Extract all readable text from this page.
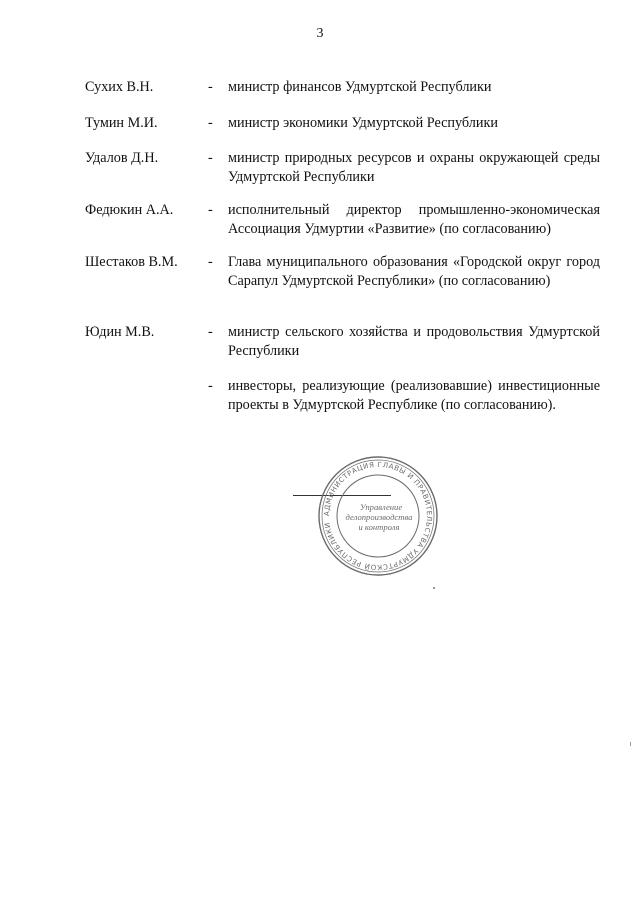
3
Сухих В.Н.	- министр финансов Удмуртской Республики
Тумин М.И.	- министр экономики Удмуртской Республики
Удалов Д.Н.	- министр природных ресурсов и охраны окружающей среды Удмуртской Республики
Федюкин А.А.	- исполнительный директор промышленно-экономическая Ассоциация Удмуртии «Развитие» (по согласованию)
Шестаков В.М.	- Глава муниципального образования «Городской округ город Сарапул Удмуртской Республики» (по согласованию)
Юдин М.В.	- министр сельского хозяйства и продовольствия Удмуртской Республики
- инвесторы, реализующие (реализовавшие) инвестиционные проекты в Удмуртской Республике (по согласованию).
АДМИНИСТРАЦИЯ ГЛАВЫ И ПРАВИТЕЛЬСТВА УДМУРТСКОЙ РЕСПУБЛИКИ
Управление
делопроизводства
и контроля
